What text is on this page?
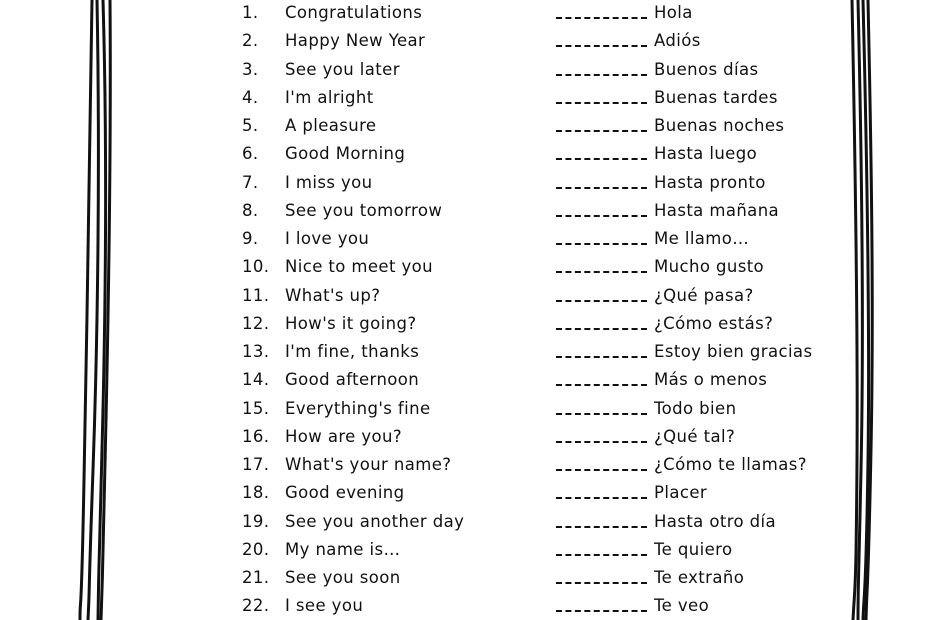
1. Congratulations	Hola
2. Happy New Year	Adiós
3. See you later	Buenos días
4. I'm alright	Buenas tardes
5. A pleasure	Buenas noches
6. Good Morning	Hasta luego
7. I miss you	Hasta pronto
8. See you tomorrow	Hasta mañana
9. I love you	Me llamo…
10. Nice to meet you	Mucho gusto
11. What's up?	¿Qué pasa?
12. How's it going?	¿Cómo estás?
13. I'm fine, thanks	Estoy bien gracias
14. Good afternoon	Más o menos
15. Everything's fine	Todo bien
16. How are you?	¿Qué tal?
17. What's your name?	¿Cómo te llamas?
18. Good evening	Placer
19. See you another day	Hasta otro día
20. My name is…	Te quiero
21. See you soon	Te extraño
22. I see you	Te veo
